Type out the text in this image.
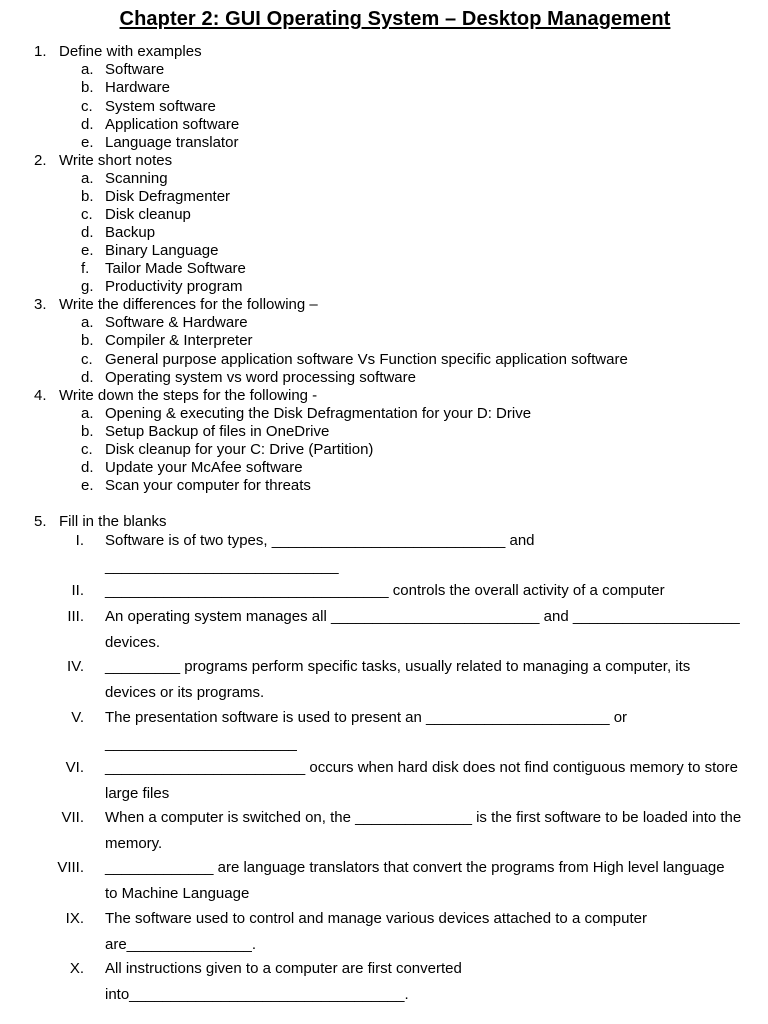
Chapter 2: GUI Operating System – Desktop Management
1. Define with examples
a. Software
b. Hardware
c. System software
d. Application software
e. Language translator
2. Write short notes
a. Scanning
b. Disk Defragmenter
c. Disk cleanup
d. Backup
e. Binary Language
f. Tailor Made Software
g. Productivity program
3. Write the differences for the following –
a. Software & Hardware
b. Compiler & Interpreter
c. General purpose application software Vs Function specific application software
d. Operating system vs word processing software
4. Write down the steps for the following -
a. Opening & executing the Disk Defragmentation for your D: Drive
b. Setup Backup of files in OneDrive
c. Disk cleanup for your C: Drive (Partition)
d. Update your McAfee software
e. Scan your computer for threats
5. Fill in the blanks
I. Software is of two types, ____________________________ and
____________________________
II. __________________________________ controls the overall activity of a computer
III. An operating system manages all _________________________ and ____________________
devices.
IV. _________ programs perform specific tasks, usually related to managing a computer, its
devices or its programs.
V. The presentation software is used to present an ______________________ or
_______________________
VI. ________________________ occurs when hard disk does not find contiguous memory to store
large files
VII. When a computer is switched on, the ______________ is the first software to be loaded into the
memory.
VIII. _____________ are language translators that convert the programs from High level language
to Machine Language
IX. The software used to control and manage various devices attached to a computer
are_______________.
X. All instructions given to a computer are first converted
into_________________________________.
